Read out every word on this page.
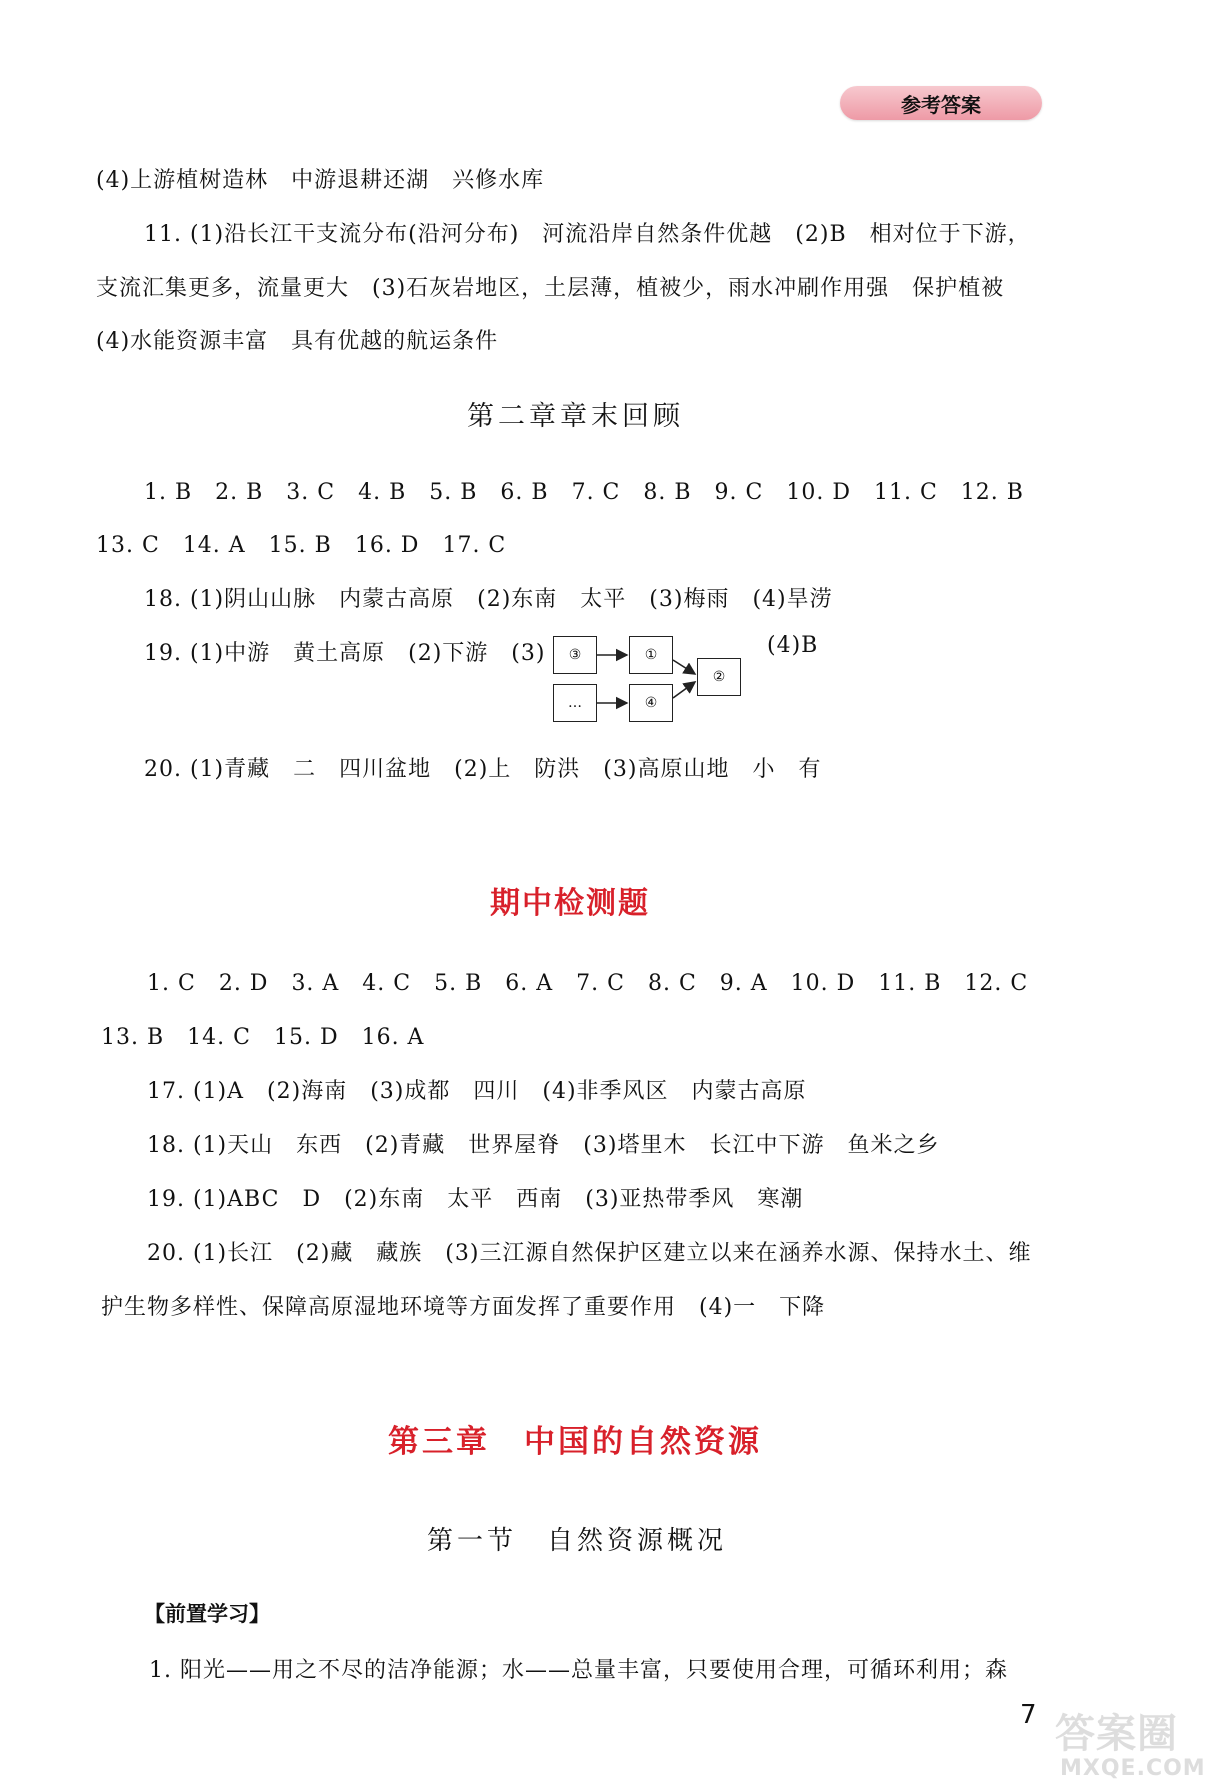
参考答案
(4)上游植树造林　中游退耕还湖　兴修水库
11. (1)沿长江干支流分布(沿河分布)　河流沿岸自然条件优越　(2)B　相对位于下游，
支流汇集更多，流量更大　(3)石灰岩地区，土层薄，植被少，雨水冲刷作用强　保护植被
(4)水能资源丰富　具有优越的航运条件
第二章章末回顾
1. B　2. B　3. C　4. B　5. B　6. B　7. C　8. B　9. C　10. D　11. C　12. B
13. C　14. A　15. B　16. D　17. C
18. (1)阴山山脉　内蒙古高原　(2)东南　太平　(3)梅雨　(4)旱涝
19. (1)中游　黄土高原　(2)下游　(3)	③	①
…	④
②
(4)B
20. (1)青藏　二　四川盆地　(2)上　防洪　(3)高原山地　小　有
期中检测题
1. C　2. D　3. A　4. C　5. B　6. A　7. C　8. C　9. A　10. D　11. B　12. C
13. B　14. C　15. D　16. A
17. (1)A　(2)海南　(3)成都　四川　(4)非季风区　内蒙古高原
18. (1)天山　东西　(2)青藏　世界屋脊　(3)塔里木　长江中下游　鱼米之乡
19. (1)ABC　D　(2)东南　太平　西南　(3)亚热带季风　寒潮
20. (1)长江　(2)藏　藏族　(3)三江源自然保护区建立以来在涵养水源、保持水土、维
护生物多样性、保障高原湿地环境等方面发挥了重要作用　(4)一　下降
第三章　中国的自然资源
第一节　自然资源概况
【前置学习】
1. 阳光——用之不尽的洁净能源；水——总量丰富，只要使用合理，可循环利用；森
7 答案圈
MXQE.COM
